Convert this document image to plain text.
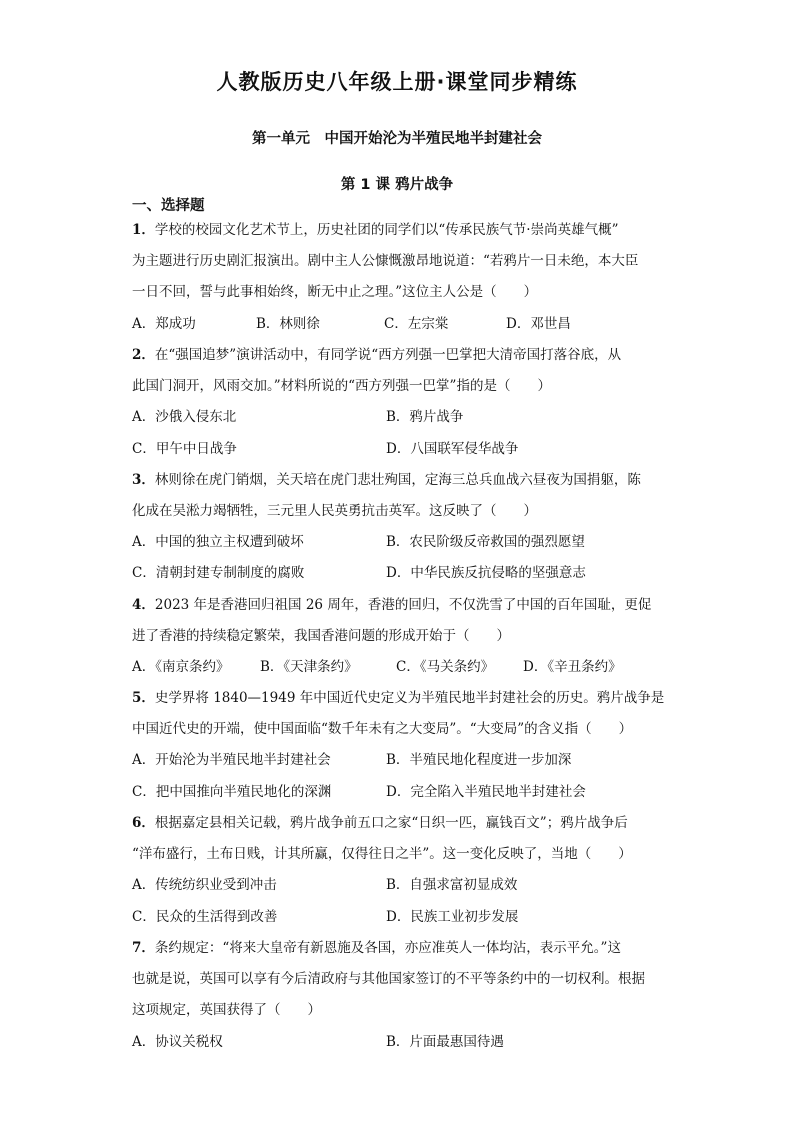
人教版历史八年级上册·课堂同步精练
第一单元　中国开始沦为半殖民地半封建社会
第 1 课 鸦片战争
一、选择题
1．学校的校园文化艺术节上，历史社团的同学们以“传承民族气节·崇尚英雄气概”
为主题进行历史剧汇报演出。剧中主人公慷慨激昂地说道：“若鸦片一日未绝，本大臣
一日不回，誓与此事相始终，断无中止之理。”这位主人公是（　　）
A．郑成功	B．林则徐	C．左宗棠	D．邓世昌
2．在“强国追梦”演讲活动中，有同学说“西方列强一巴掌把大清帝国打落谷底，从
此国门洞开，风雨交加。”材料所说的“西方列强一巴掌”指的是（　　）
A．沙俄入侵东北	B．鸦片战争
C．甲午中日战争	D．八国联军侵华战争
3．林则徐在虎门销烟，关天培在虎门悲壮殉国，定海三总兵血战六昼夜为国捐躯，陈
化成在吴淞力竭牺牲，三元里人民英勇抗击英军。这反映了（　　）
A．中国的独立主权遭到破坏	B．农民阶级反帝救国的强烈愿望
C．清朝封建专制制度的腐败	D．中华民族反抗侵略的坚强意志
4．2023 年是香港回归祖国 26 周年，香港的回归，不仅洗雪了中国的百年国耻，更促
进了香港的持续稳定繁荣，我国香港问题的形成开始于（　　）
A．《南京条约》 B．《天津条约》	C．《马关条约》 D．《辛丑条约》
5．史学界将 1840—1949 年中国近代史定义为半殖民地半封建社会的历史。鸦片战争是
中国近代史的开端，使中国面临“数千年未有之大变局”。“大变局”的含义指（　　）
A．开始沦为半殖民地半封建社会	B．半殖民地化程度进一步加深
C．把中国推向半殖民地化的深渊	D．完全陷入半殖民地半封建社会
6．根据嘉定县相关记载，鸦片战争前五口之家“日织一匹，赢钱百文”；鸦片战争后
“洋布盛行，土布日贱，计其所赢，仅得往日之半”。这一变化反映了，当地（　　）
A．传统纺织业受到冲击	B．自强求富初显成效
C．民众的生活得到改善	D．民族工业初步发展
7．条约规定：“将来大皇帝有新恩施及各国，亦应准英人一体均沾，表示平允。”这
也就是说，英国可以享有今后清政府与其他国家签订的不平等条约中的一切权利。根据
这项规定，英国获得了（　　）
A．协议关税权	B．片面最惠国待遇
